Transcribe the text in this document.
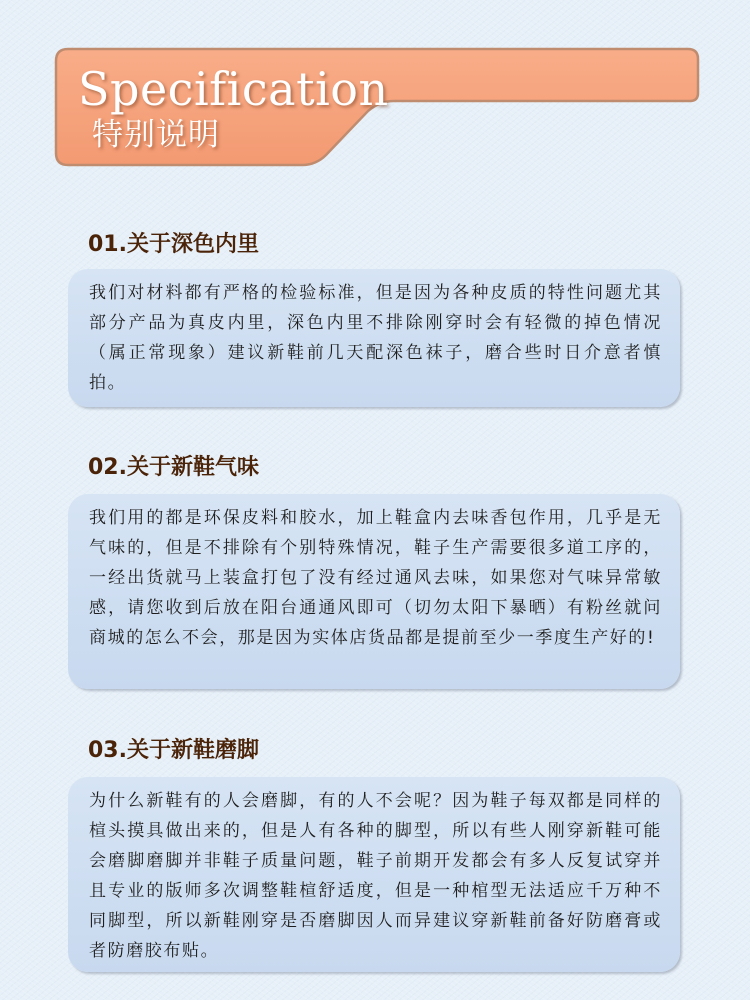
Specification
特别说明
01.关于深色内里

我们对材料都有严格的检验标准，但是因为各种皮质的特性问题尤其部分产品为真皮内里，深色内里不排除刚穿时会有轻微的掉色情况（属正常现象）建议新鞋前几天配深色袜子，磨合些时日介意者慎拍。

02.关于新鞋气味

我们用的都是环保皮料和胶水，加上鞋盒内去味香包作用，几乎是无气味的，但是不排除有个别特殊情况，鞋子生产需要很多道工序的，一经出货就马上装盒打包了没有经过通风去味，如果您对气味异常敏感，请您收到后放在阳台通通风即可（切勿太阳下暴晒）有粉丝就问商城的怎么不会，那是因为实体店货品都是提前至少一季度生产好的!

03.关于新鞋磨脚

为什么新鞋有的人会磨脚，有的人不会呢？因为鞋子每双都是同样的楦头摸具做出来的，但是人有各种的脚型，所以有些人刚穿新鞋可能会磨脚磨脚并非鞋子质量问题，鞋子前期开发都会有多人反复试穿并且专业的版师多次调整鞋楦舒适度，但是一种棺型无法适应千万种不同脚型，所以新鞋刚穿是否磨脚因人而异建议穿新鞋前备好防磨膏或者防磨胶布贴。
